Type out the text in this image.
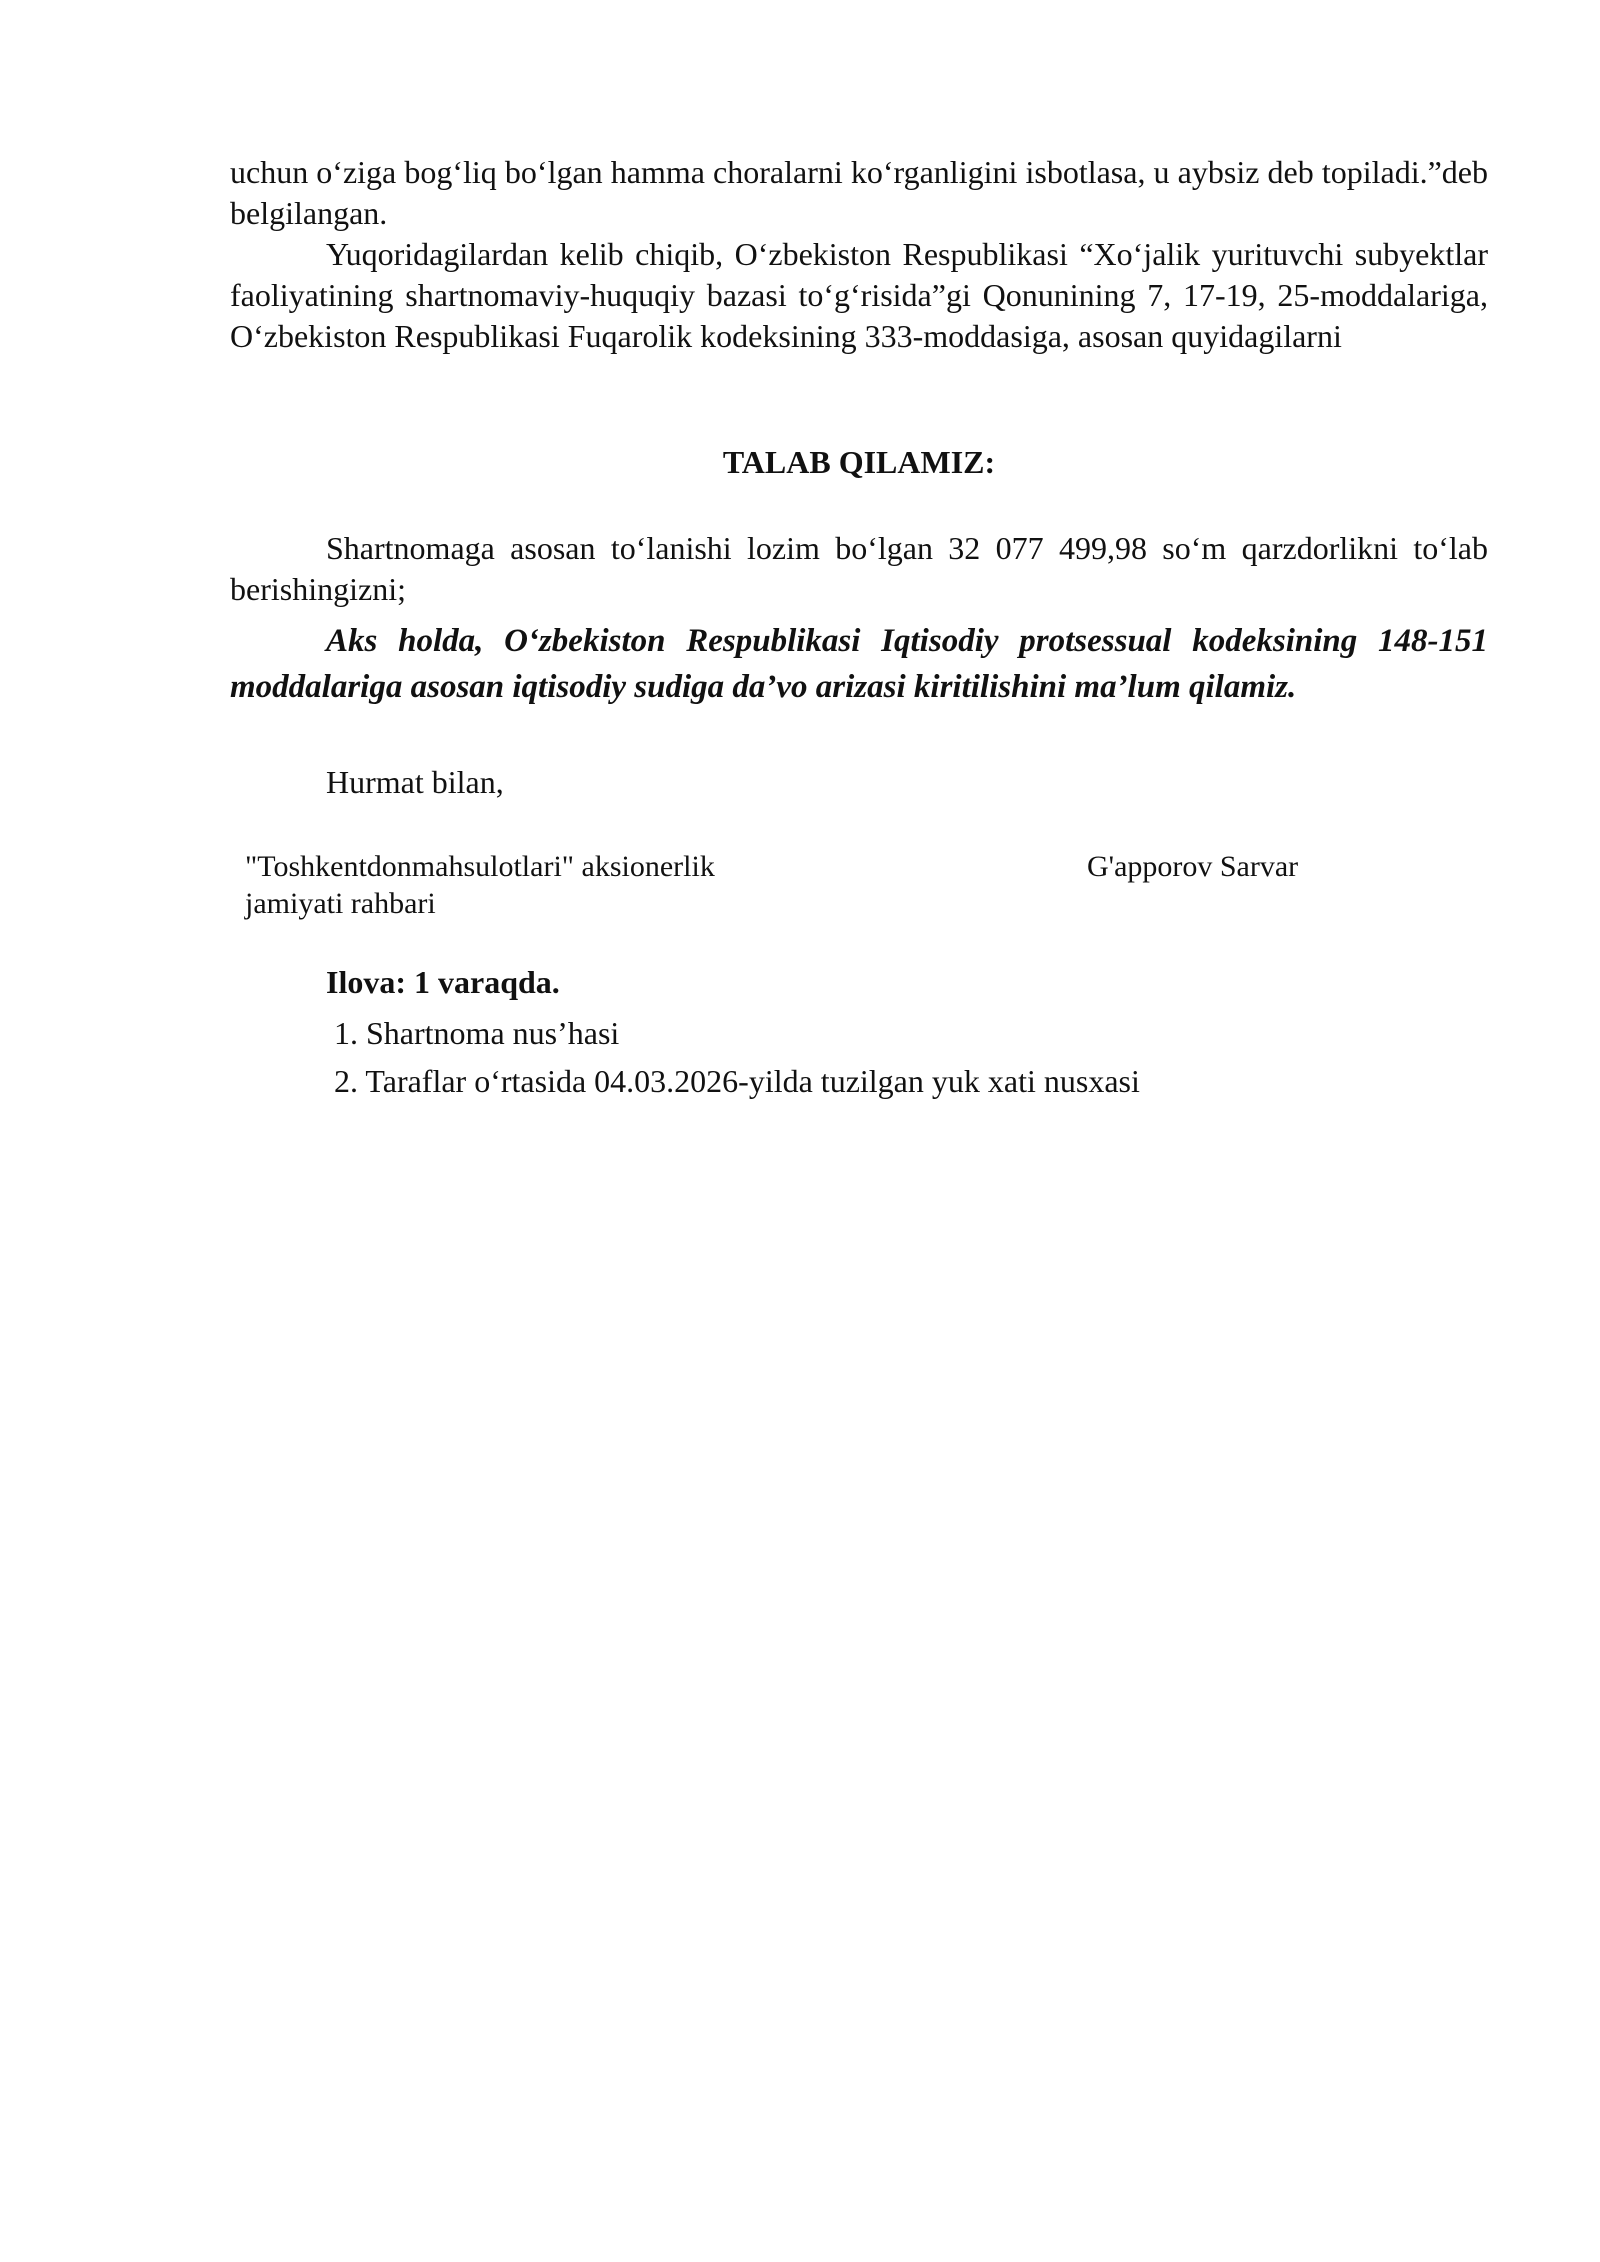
uchun o‘ziga bog‘liq bo‘lgan hamma choralarni ko‘rganligini isbotlasa, u aybsiz deb topiladi.”deb belgilangan.

Yuqoridagilardan kelib chiqib, O‘zbekiston Respublikasi “Xo‘jalik yurituvchi subyektlar faoliyatining shartnomaviy-huquqiy bazasi to‘g‘risida”gi Qonunining 7, 17-19, 25-moddalariga, O‘zbekiston Respublikasi Fuqarolik kodeksining 333-moddasiga, asosan quyidagilarni

TALAB QILAMIZ:

Shartnomaga asosan to‘lanishi lozim bo‘lgan 32 077 499,98 so‘m qarzdorlikni to‘lab berishingizni;

Aks holda, O‘zbekiston Respublikasi Iqtisodiy protsessual kodeksining 148-151 moddalariga asosan iqtisodiy sudiga da’vo arizasi kiritilishini ma’lum qilamiz.

Hurmat bilan,
"Toshkentdonmahsulotlari" aksionerlik
jamiyati rahbari
G'apporov Sarvar
Ilova: 1 varaqda.
1. Shartnoma nus’hasi
2. Taraflar o‘rtasida 04.03.2026-yilda tuzilgan yuk xati nusxasi
